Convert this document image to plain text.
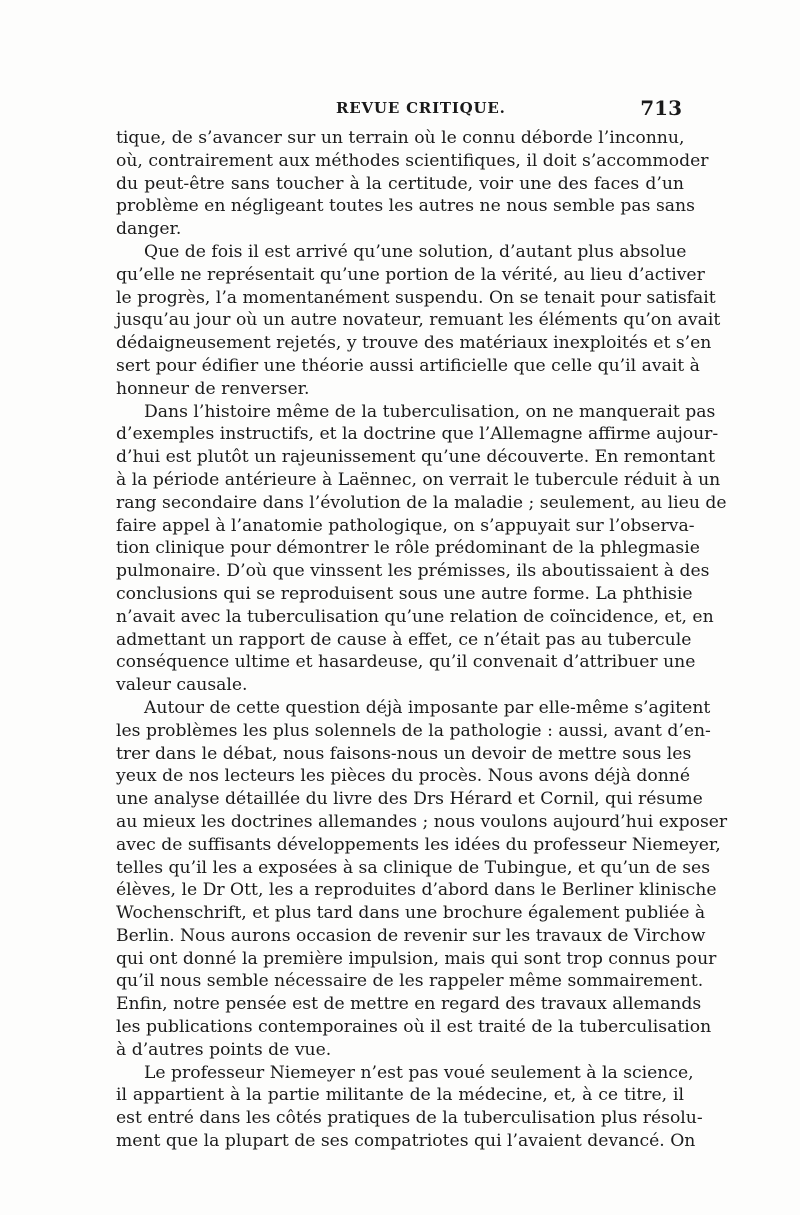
REVUE CRITIQUE.	713
tique, de s’avancer sur un terrain où le connu déborde l’inconnu,
où, contrairement aux méthodes scientifiques, il doit s’accommoder
du peut-être sans toucher à la certitude, voir une des faces d’un
problème en négligeant toutes les autres ne nous semble pas sans
danger.
Que de fois il est arrivé qu’une solution, d’autant plus absolue
qu’elle ne représentait qu’une portion de la vérité, au lieu d’activer
le progrès, l’a momentanément suspendu. On se tenait pour satisfait
jusqu’au jour où un autre novateur, remuant les éléments qu’on avait
dédaigneusement rejetés, y trouve des matériaux inexploités et s’en
sert pour édifier une théorie aussi artificielle que celle qu’il avait à
honneur de renverser.
Dans l’histoire même de la tuberculisation, on ne manquerait pas
d’exemples instructifs, et la doctrine que l’Allemagne affirme aujour-
d’hui est plutôt un rajeunissement qu’une découverte. En remontant
à la période antérieure à Laënnec, on verrait le tubercule réduit à un
rang secondaire dans l’évolution de la maladie ; seulement, au lieu de
faire appel à l’anatomie pathologique, on s’appuyait sur l’observa-
tion clinique pour démontrer le rôle prédominant de la phlegmasie
pulmonaire. D’où que vinssent les prémisses, ils aboutissaient à des
conclusions qui se reproduisent sous une autre forme. La phthisie
n’avait avec la tuberculisation qu’une relation de coïncidence, et, en
admettant un rapport de cause à effet, ce n’était pas au tubercule
conséquence ultime et hasardeuse, qu’il convenait d’attribuer une
valeur causale.
Autour de cette question déjà imposante par elle-même s’agitent
les problèmes les plus solennels de la pathologie : aussi, avant d’en-
trer dans le débat, nous faisons-nous un devoir de mettre sous les
yeux de nos lecteurs les pièces du procès. Nous avons déjà donné
une analyse détaillée du livre des Drs Hérard et Cornil, qui résume
au mieux les doctrines allemandes ; nous voulons aujourd’hui exposer
avec de suffisants développements les idées du professeur Niemeyer,
telles qu’il les a exposées à sa clinique de Tubingue, et qu’un de ses
élèves, le Dr Ott, les a reproduites d’abord dans le Berliner klinische
Wochenschrift, et plus tard dans une brochure également publiée à
Berlin. Nous aurons occasion de revenir sur les travaux de Virchow
qui ont donné la première impulsion, mais qui sont trop connus pour
qu’il nous semble nécessaire de les rappeler même sommairement.
Enfin, notre pensée est de mettre en regard des travaux allemands
les publications contemporaines où il est traité de la tuberculisation
à d’autres points de vue.
Le professeur Niemeyer n’est pas voué seulement à la science,
il appartient à la partie militante de la médecine, et, à ce titre, il
est entré dans les côtés pratiques de la tuberculisation plus résolu-
ment que la plupart de ses compatriotes qui l’avaient devancé. On
